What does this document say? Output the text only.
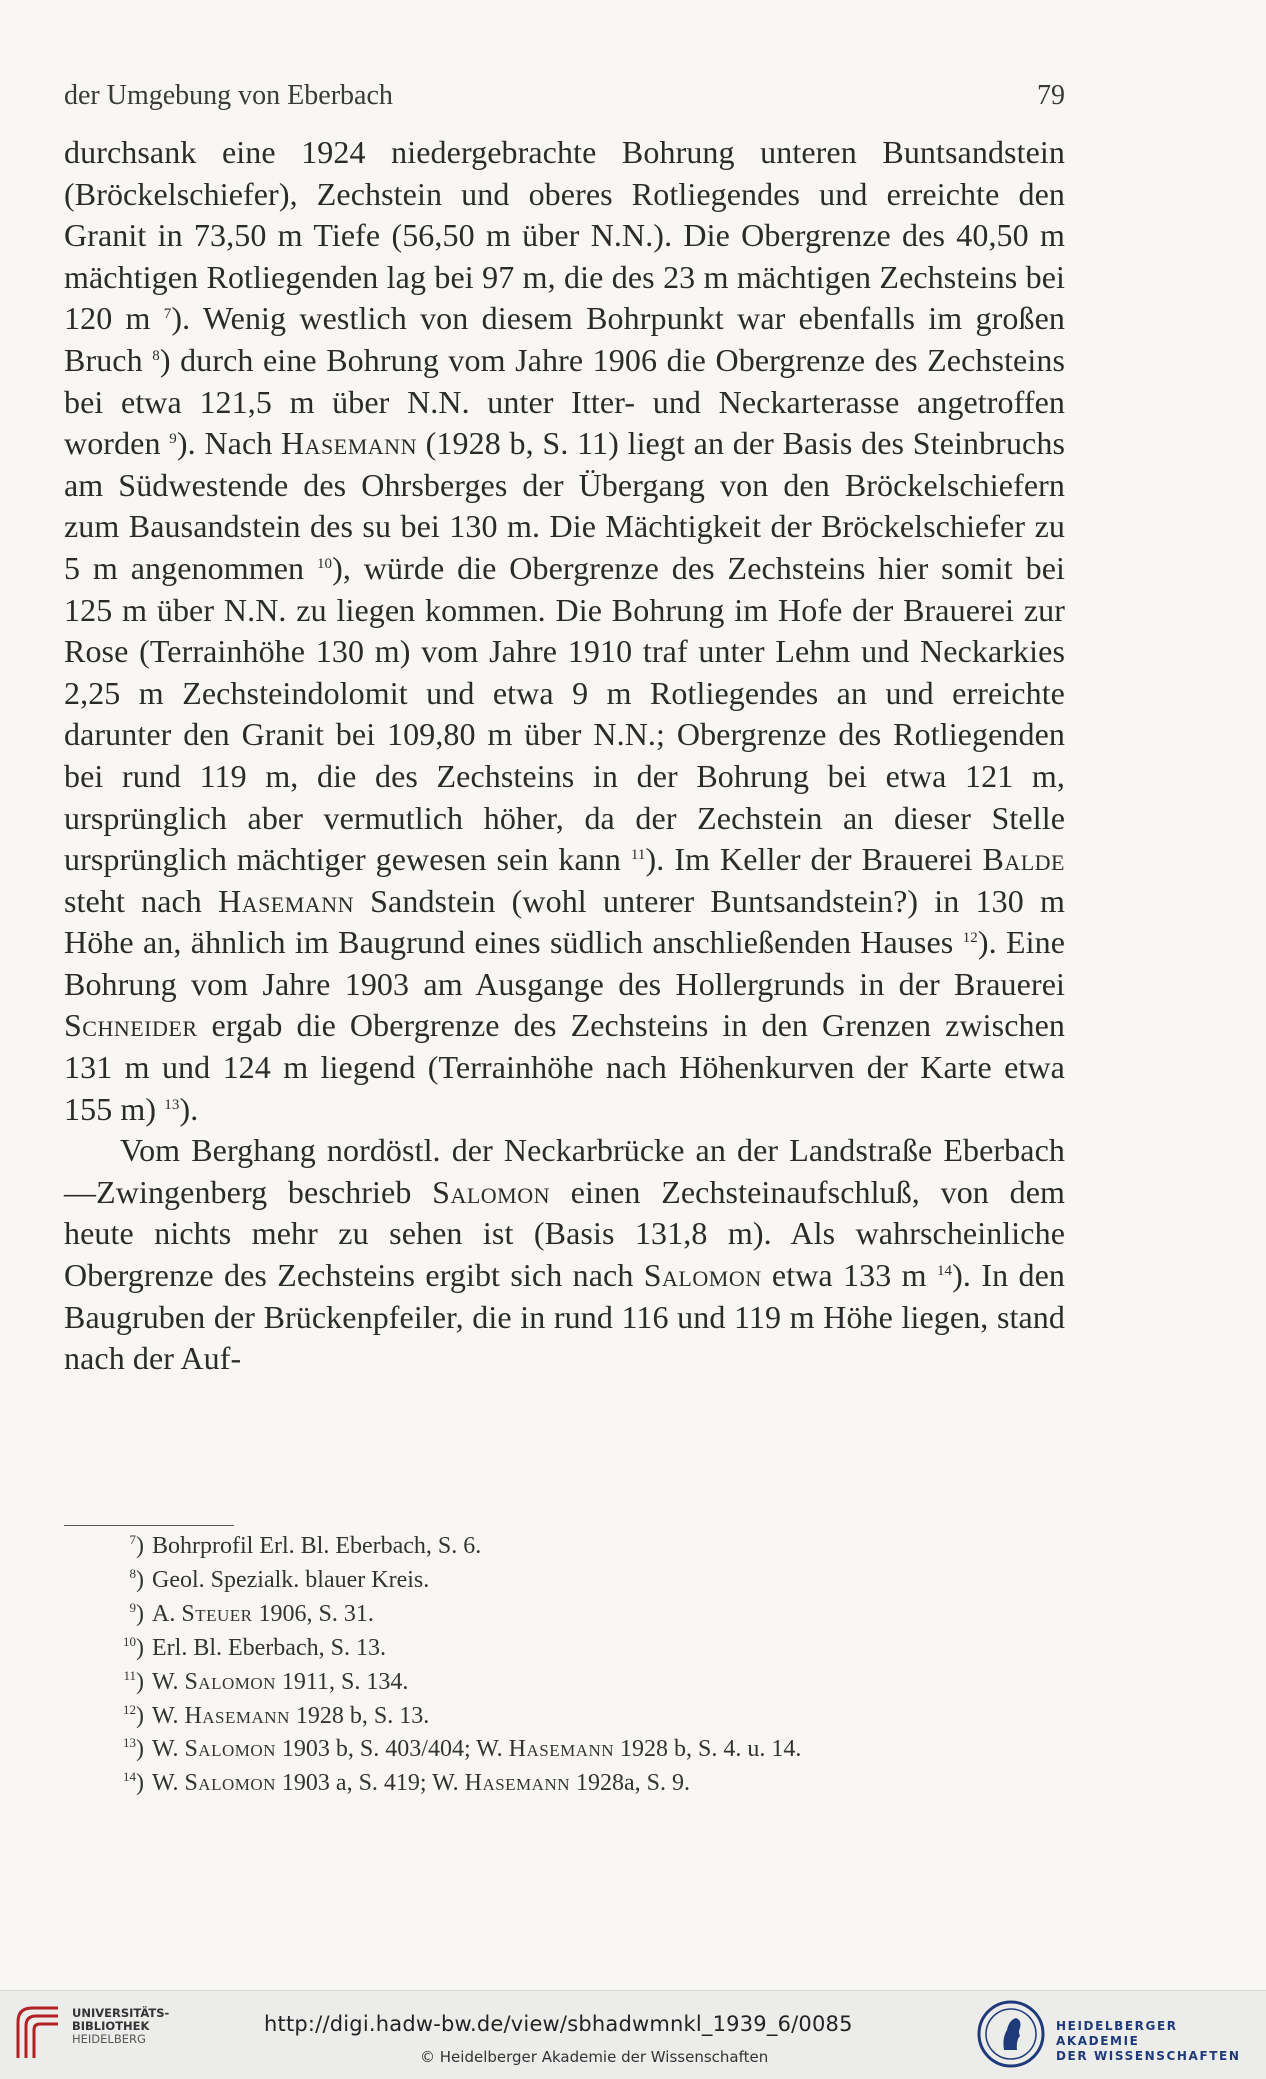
der Umgebung von Eberbach	79

durchsank eine 1924 niedergebrachte Bohrung unteren Buntsandstein (Bröckelschiefer), Zechstein und oberes Rotliegendes und erreichte den Granit in 73,50 m Tiefe (56,50 m über N.N.). Die Obergrenze des 40,50 m mächtigen Rotliegenden lag bei 97 m, die des 23 m mächtigen Zechsteins bei 120 m $^7$). Wenig westlich von diesem Bohrpunkt war ebenfalls im großen Bruch $^8$) durch eine Bohrung vom Jahre 1906 die Obergrenze des Zechsteins bei etwa 121,5 m über N.N. unter Itter- und Neckarterasse angetroffen worden $^9$). Nach Hasemann (1928 b, S. 11) liegt an der Basis des Steinbruchs am Südwestende des Ohrsberges der Übergang von den Bröckelschiefern zum Bausandstein des su bei 130 m. Die Mächtigkeit der Bröckelschiefer zu 5 m angenommen $^{10}$), würde die Obergrenze des Zechsteins hier somit bei 125 m über N.N. zu liegen kommen. Die Bohrung im Hofe der Brauerei zur Rose (Terrainhöhe 130 m) vom Jahre 1910 traf unter Lehm und Neckarkies 2,25 m Zechsteindolomit und etwa 9 m Rotliegendes an und erreichte darunter den Granit bei 109,80 m über N.N.; Obergrenze des Rotliegenden bei rund 119 m, die des Zechsteins in der Bohrung bei etwa 121 m, ursprünglich aber vermutlich höher, da der Zechstein an dieser Stelle ursprünglich mächtiger gewesen sein kann $^{11}$). Im Keller der Brauerei Balde steht nach Hasemann Sandstein (wohl unterer Buntsandstein?) in 130 m Höhe an, ähnlich im Baugrund eines südlich anschließenden Hauses $^{12}$). Eine Bohrung vom Jahre 1903 am Ausgange des Hollergrunds in der Brauerei Schneider ergab die Obergrenze des Zechsteins in den Grenzen zwischen 131 m und 124 m liegend (Terrainhöhe nach Höhenkurven der Karte etwa 155 m) $^{13}$).

Vom Berghang nordöstl. der Neckarbrücke an der Landstraße Eberbach—Zwingenberg beschrieb Salomon einen Zechsteinaufschluß, von dem heute nichts mehr zu sehen ist (Basis 131,8 m). Als wahrscheinliche Obergrenze des Zechsteins ergibt sich nach Salomon etwa 133 m $^{14}$). In den Baugruben der Brückenpfeiler, die in rund 116 und 119 m Höhe liegen, stand nach der Auf-

$^7$) Bohrprofil Erl. Bl. Eberbach, S. 6.
$^8$) Geol. Spezialk. blauer Kreis.
$^9$) A. Steuer 1906, S. 31.
$^{10}$) Erl. Bl. Eberbach, S. 13.
$^{11}$) W. Salomon 1911, S. 134.
$^{12}$) W. Hasemann 1928 b, S. 13.
$^{13}$) W. Salomon 1903 b, S. 403/404; W. Hasemann 1928 b, S. 4. u. 14.
$^{14}$) W. Salomon 1903 a, S. 419; W. Hasemann 1928a, S. 9.
UNIVERSITÄTS-
BIBLIOTHEK
HEIDELBERG
http://digi.hadw-bw.de/view/sbhadwmnkl_1939_6/0085
© Heidelberger Akademie der Wissenschaften
HEIDELBERGER AKADEMIE
DER WISSENSCHAFTEN
